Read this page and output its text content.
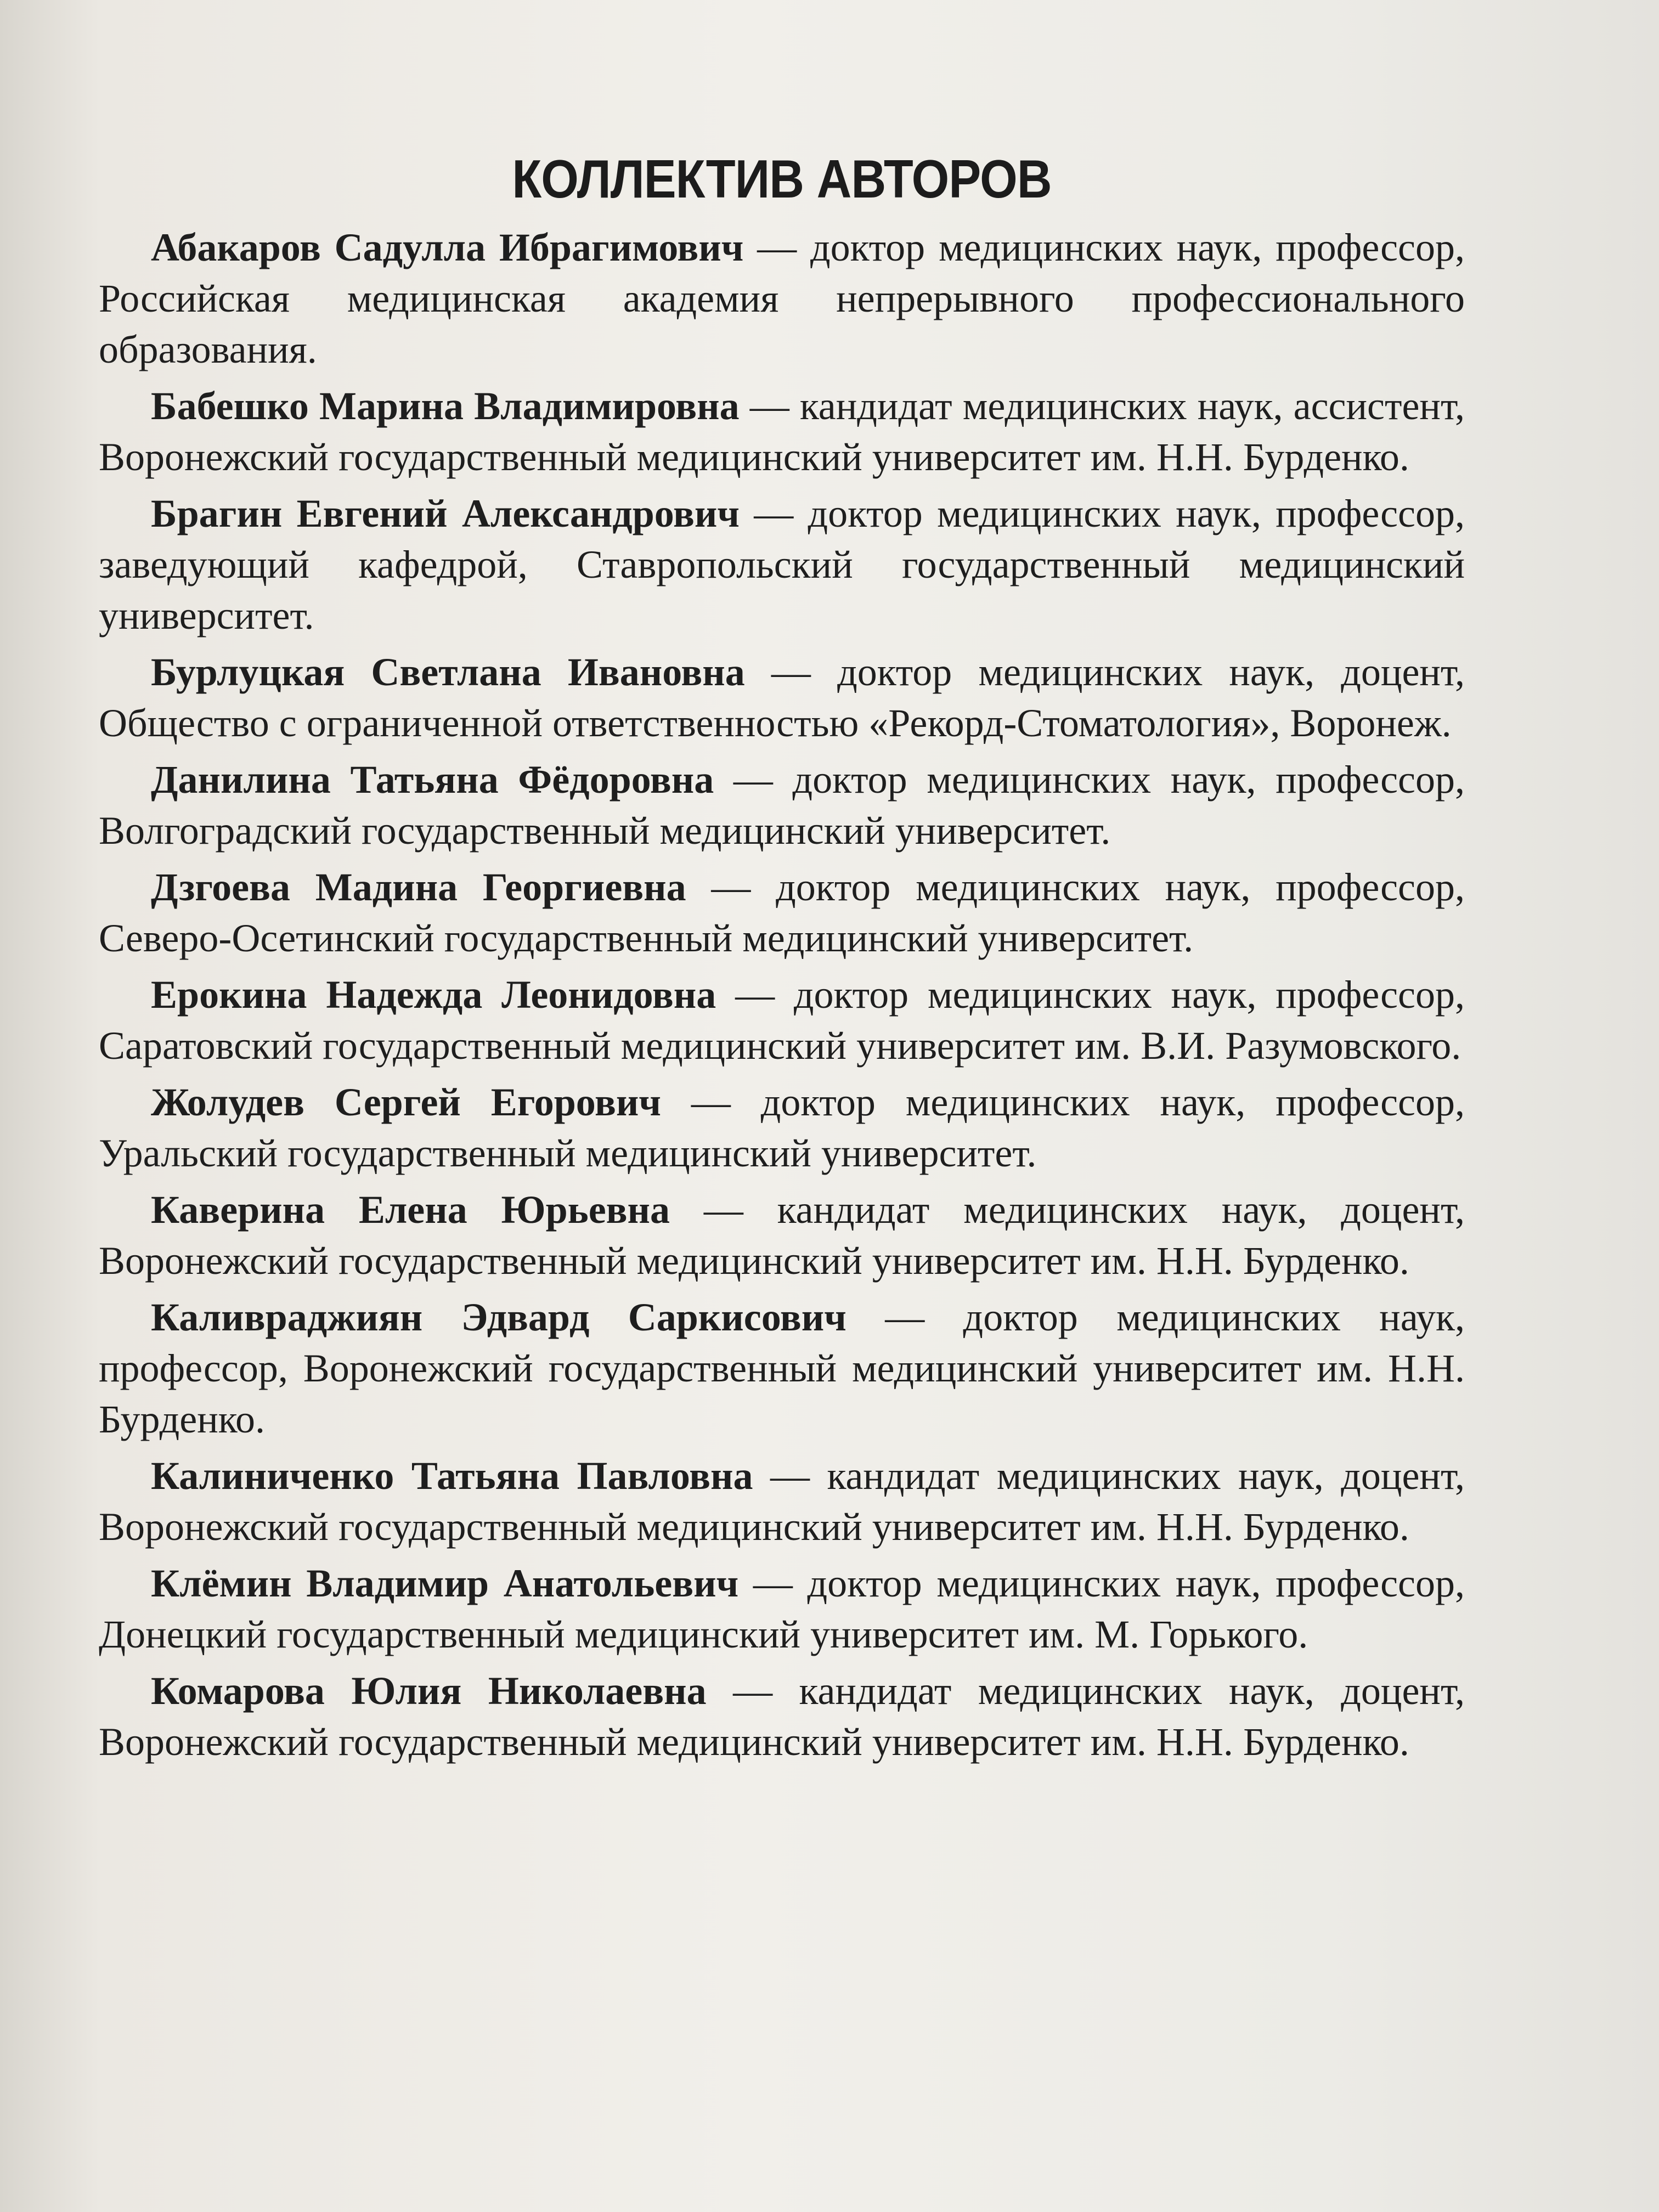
КОЛЛЕКТИВ АВТОРОВ

Абакаров Садулла Ибрагимович — доктор медицинских наук, профессор, Российская медицинская академия непрерывного профессионального образования.

Бабешко Марина Владимировна — кандидат медицинских наук, ассистент, Воронежский государственный медицинский университет им. Н.Н. Бурденко.

Брагин Евгений Александрович — доктор медицинских наук, профессор, заведующий кафедрой, Ставропольский государственный медицинский университет.

Бурлуцкая Светлана Ивановна — доктор медицинских наук, доцент, Общество с ограниченной ответственностью «Рекорд-Стоматология», Воронеж.

Данилина Татьяна Фёдоровна — доктор медицинских наук, профессор, Волгоградский государственный медицинский университет.

Дзгоева Мадина Георгиевна — доктор медицинских наук, профессор, Северо-Осетинский государственный медицинский университет.

Ерокина Надежда Леонидовна — доктор медицинских наук, профессор, Саратовский государственный медицинский университет им. В.И. Разумовского.

Жолудев Сергей Егорович — доктор медицинских наук, профессор, Уральский государственный медицинский университет.

Каверина Елена Юрьевна — кандидат медицинских наук, доцент, Воронежский государственный медицинский университет им. Н.Н. Бурденко.

Каливраджиян Эдвард Саркисович — доктор медицинских наук, профессор, Воронежский государственный медицинский университет им. Н.Н. Бурденко.

Калиниченко Татьяна Павловна — кандидат медицинских наук, доцент, Воронежский государственный медицинский университет им. Н.Н. Бурденко.

Клёмин Владимир Анатольевич — доктор медицинских наук, профессор, Донецкий государственный медицинский университет им. М. Горького.

Комарова Юлия Николаевна — кандидат медицинских наук, доцент, Воронежский государственный медицинский университет им. Н.Н. Бурденко.
